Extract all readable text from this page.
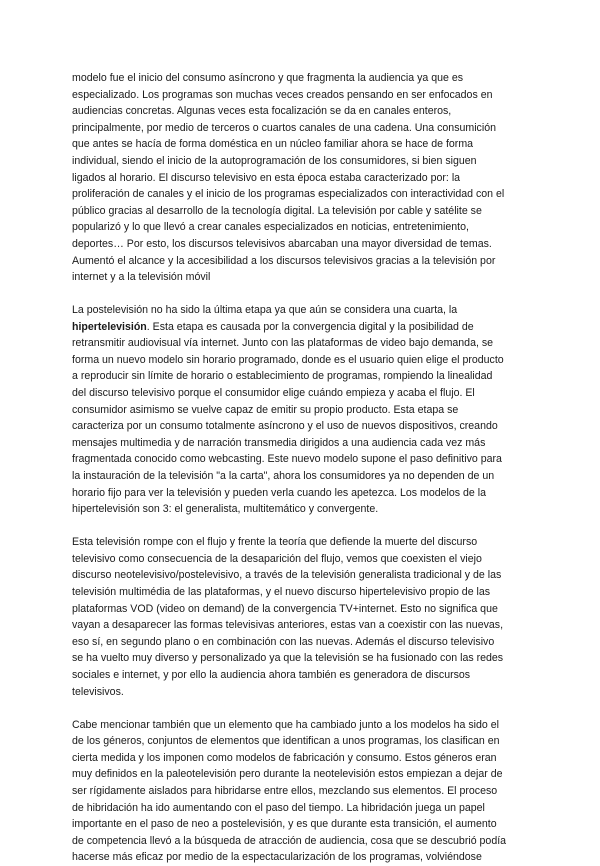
modelo fue el inicio del consumo asíncrono y que fragmenta la audiencia ya que es
especializado. Los programas son muchas veces creados pensando en ser enfocados en
audiencias concretas. Algunas veces esta focalización se da en canales enteros,
principalmente, por medio de terceros o cuartos canales de una cadena. Una consumición
que antes se hacía de forma doméstica en un núcleo familiar ahora se hace de forma
individual, siendo el inicio de la autoprogramación de los consumidores, si bien siguen
ligados al horario. El discurso televisivo en esta época estaba caracterizado por: la
proliferación de canales y el inicio de los programas especializados con interactividad con el
público gracias al desarrollo de la tecnología digital. La televisión por cable y satélite se
popularizó y lo que llevó a crear canales especializados en noticias, entretenimiento,
deportes… Por esto, los discursos televisivos abarcaban una mayor diversidad de temas.
Aumentó el alcance y la accesibilidad a los discursos televisivos gracias a la televisión por
internet y a la televisión móvil

La postelevisión no ha sido la última etapa ya que aún se considera una cuarta, la
hipertelevisión. Esta etapa es causada por la convergencia digital y la posibilidad de
retransmitir audiovisual vía internet. Junto con las plataformas de video bajo demanda, se
forma un nuevo modelo sin horario programado, donde es el usuario quien elige el producto
a reproducir sin límite de horario o establecimiento de programas, rompiendo la linealidad
del discurso televisivo porque el consumidor elige cuándo empieza y acaba el flujo. El
consumidor asimismo se vuelve capaz de emitir su propio producto. Esta etapa se
caracteriza por un consumo totalmente asíncrono y el uso de nuevos dispositivos, creando
mensajes multimedia y de narración transmedia dirigidos a una audiencia cada vez más
fragmentada conocido como webcasting. Este nuevo modelo supone el paso definitivo para
la instauración de la televisión "a la carta", ahora los consumidores ya no dependen de un
horario fijo para ver la televisión y pueden verla cuando les apetezca. Los modelos de la
hipertelevisión son 3: el generalista, multitemático y convergente.

Esta televisión rompe con el flujo y frente la teoría que defiende la muerte del discurso
televisivo como consecuencia de la desaparición del flujo, vemos que coexisten el viejo
discurso neotelevisivo/postelevisivo, a través de la televisión generalista tradicional y de las
televisión multimédia de las plataformas, y el nuevo discurso hipertelevisivo propio de las
plataformas VOD (video on demand) de la convergencia TV+internet. Esto no significa que
vayan a desaparecer las formas televisivas anteriores, estas van a coexistir con las nuevas,
eso sí, en segundo plano o en combinación con las nuevas. Además el discurso televisivo
se ha vuelto muy diverso y personalizado ya que la televisión se ha fusionado con las redes
sociales e internet, y por ello la audiencia ahora también es generadora de discursos
televisivos.

Cabe mencionar también que un elemento que ha cambiado junto a los modelos ha sido el
de los géneros, conjuntos de elementos que identifican a unos programas, los clasifican en
cierta medida y los imponen como modelos de fabricación y consumo. Estos géneros eran
muy definidos en la paleotelevisión pero durante la neotelevisión estos empiezan a dejar de
ser rígidamente aislados para hibridarse entre ellos, mezclando sus elementos. El proceso
de hibridación ha ido aumentando con el paso del tiempo. La hibridación juega un papel
importante en el paso de neo a postelevisión, y es que durante esta transición, el aumento
de competencia llevó a la búsqueda de atracción de audiencia, cosa que se descubrió podía
hacerse más eficaz por medio de la espectacularización de los programas, volviéndose
